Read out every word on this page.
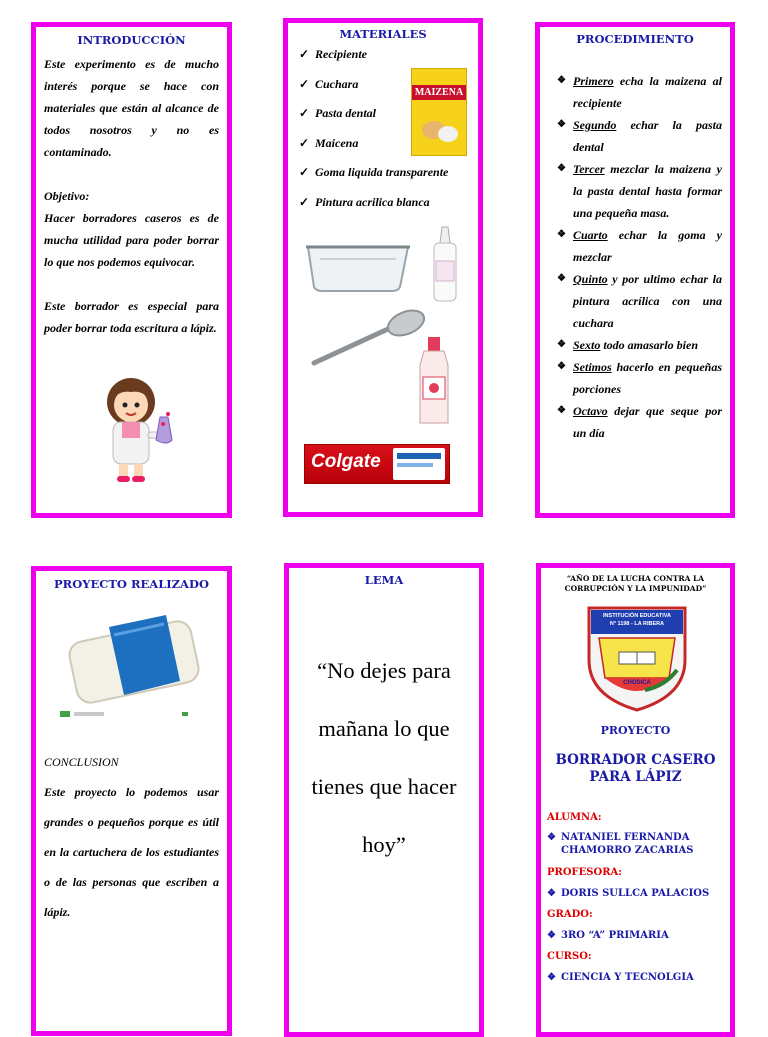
INTRODUCCIÓN

Este experimento es de mucho interés porque se hace con materiales que están al alcance de todos nosotros y no es contaminado.

Objetivo:

Hacer borradores caseros es de mucha utilidad para poder borrar lo que nos podemos equivocar.

Este borrador es especial para poder borrar toda escritura a lápiz.

MATERIALES
✓ Recipiente
✓ Cuchara
✓ Pasta dental
✓ Maicena
✓ Goma liquida transparente
✓ Pintura acrilica blanca
MAIZENA
Colgate
PROCEDIMIENTO
❖ Primero echa la maizena al recipiente
❖ Segundo echar la pasta dental
❖ Tercer mezclar la maizena y la pasta dental hasta formar una pequeña masa.
❖ Cuarto echar la goma y mezclar
❖ Quinto y por ultimo echar la pintura acrílica con una cuchara
❖ Sexto todo amasarlo bien
❖ Setimos hacerlo en pequeñas porciones
❖ Octavo dejar que seque por un día
PROYECTO REALIZADO

CONCLUSION

Este proyecto lo podemos usar grandes o pequeños porque es útil en la cartuchera de los estudiantes o de las personas que escriben a lápiz.

LEMA
“No dejes para mañana lo que tienes que hacer hoy”
“AÑO DE LA LUCHA CONTRA LA CORRUPCIÓN Y LA IMPUNIDAD”
INSTITUCIÓN EDUCATIVA
N° 1198 - LA RIBERA
CHOSICA
PROYECTO
BORRADOR CASERO PARA LÁPIZ
ALUMNA:
❖ NATANIEL FERNANDA CHAMORRO ZACARIAS
PROFESORA:
❖ DORIS SULLCA PALACIOS
GRADO:
❖ 3RO “A” PRIMARIA
CURSO:
❖ CIENCIA Y TECNOLGIA
